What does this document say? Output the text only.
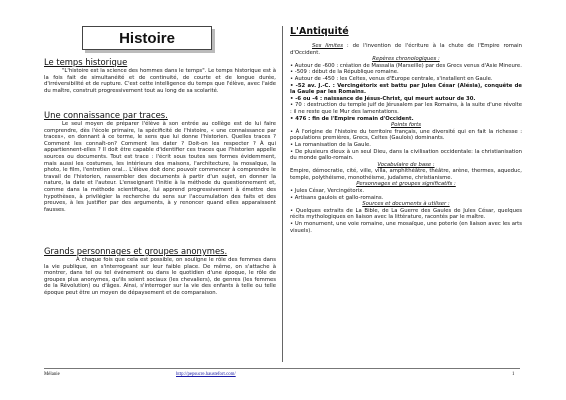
Histoire
Le temps historique
"L'histoire est la science des hommes dans le temps". Le temps historique est à la fois fait de simultanéité et de continuité, de courte et de longue durée, d'irréversibilité et de rupture. C'est cette intelligence du temps que l'élève, avec l'aide du maître, construit progressivement tout au long de sa scolarité.
Une connaissance par traces.
Le seul moyen de préparer l'élève à son entrée au collège est de lui faire comprendre, dès l'école primaire, la spécificité de l'histoire, « une connaissance par traces», en donnant à ce terme, le sens que lui donne l'historien. Quelles traces ? Comment les connaît-on? Comment les dater ? Doit-on les respecter ? À qui appartiennent-elles ? Il doit être capable d'identifier ces traces que l'historien appelle sources ou documents. Tout est trace : l'écrit sous toutes ses formes évidemment, mais aussi les costumes, les intérieurs des maisons, l'architecture, la mosaïque, la photo, le film, l'entretien oral... L'élève doit donc pouvoir commencer à comprendre le travail de l'historien, rassembler des documents à partir d'un sujet, en donner la nature, la date et l'auteur. L'enseignant l'initie à la méthode du questionnement et, comme dans la méthode scientifique, lui apprend progressivement à émettre des hypothèses, à privilégier la recherche du sens sur l'accumulation des faits et des preuves, à les justifier par des arguments, à y renoncer quand elles apparaissent fausses.
Grands personnages et groupes anonymes.
À chaque fois que cela est possible, on souligne le rôle des femmes dans la vie publique, en s'interrogeant sur leur faible place. De même, on s'attache à montrer, dans tel ou tel événement ou dans le quotidien d'une époque, le rôle de groupes plus anonymes, qu'ils soient sociaux (les chevaliers), de genres (les femmes de la Révolution) ou d'âges. Ainsi, s'interroger sur la vie des enfants à telle ou telle époque peut être un moyen de dépaysement et de comparaison.
L'Antiquité

Ses limites : de l'invention de l'écriture à la chute de l'Empire romain d'Occident.

Repères chronologiques :

• Autour de -600 : création de Massalia (Marseille) par des Grecs venus d'Asie Mineure.

• -509 : début de la République romaine.

• Autour de -450 : les Celtes, venus d'Europe centrale, s'installent en Gaule.

• -52 av. J.-C. : Vercingétorix est battu par Jules César (Alésia), conquête de la Gaule par les Romains.

• -6 ou -4 : naissance de Jésus-Christ, qui meurt autour de 30.

• 70 : destruction du temple juif de Jérusalem par les Romains, à la suite d'une révolte : il ne reste que le Mur des lamentations.

• 476 : fin de l'Empire romain d'Occident.

Points forts

• À l'origine de l'histoire du territoire français, une diversité qui en fait la richesse : populations premières, Grecs, Celtes (Gaulois) dominants.

• La romanisation de la Gaule.

• De plusieurs dieux à un seul Dieu, dans la civilisation occidentale: la christianisation du monde gallo-romain.

Vocabulaire de base :

Empire, démocratie, cité, ville, villa, amphithéâtre, théâtre, arène, thermes, aqueduc, temple, polythéisme, monothéisme, judaïsme, christianisme.

Personnages et groupes significatifs :

• Jules César, Vercingétorix.

• Artisans gaulois et gallo-romains.

Sources et documents à utiliser :

• Quelques extraits de La Bible, de La Guerre des Gaules de Jules César, quelques récits mythologiques en liaison avec la littérature, racontés par le maître.

• Un monument, une voie romaine, une mosaïque, une poterie (en liaison avec les arts visuels).

Mélanie	http://pepsucre.haustefort.com/	1
